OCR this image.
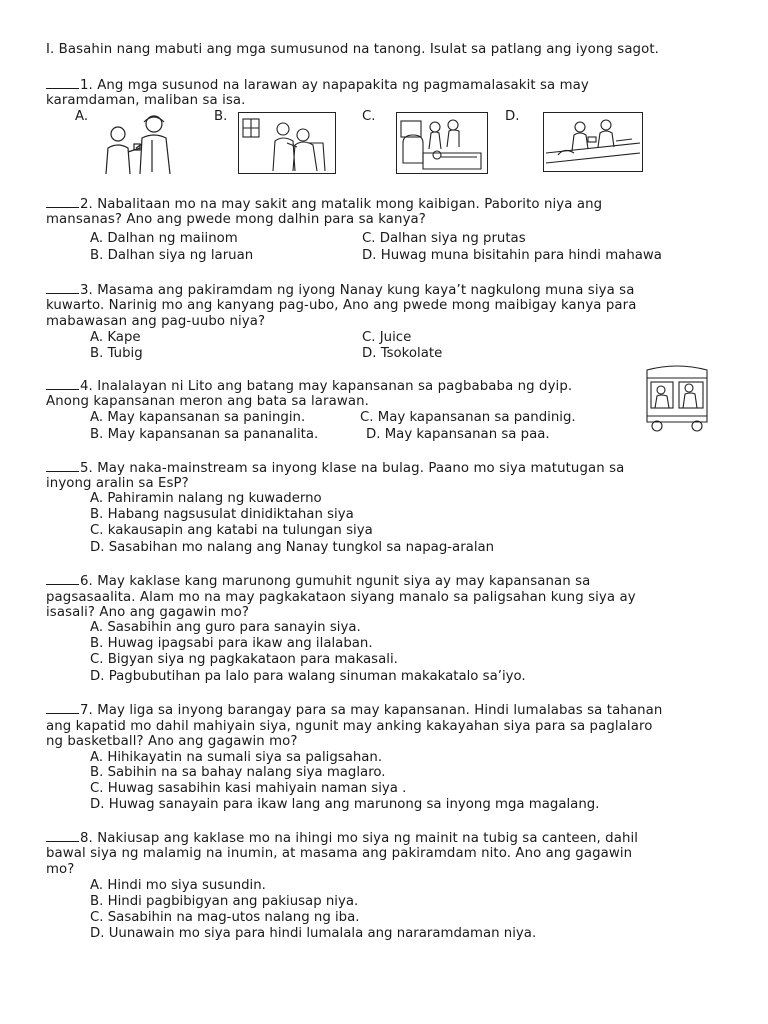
I. Basahin nang mabuti ang mga sumusunod na tanong. Isulat sa patlang ang iyong sagot.
1. Ang mga susunod na larawan ay napapakita ng pagmamalasakit sa may
karamdaman, maliban sa isa.
A.	B.	C.	D.
2. Nabalitaan mo na may sakit ang matalik mong kaibigan. Paborito niya ang
mansanas? Ano ang pwede mong dalhin para sa kanya?
A. Dalhan ng maiinom	C. Dalhan siya ng prutas
B. Dalhan siya ng laruan	D. Huwag muna bisitahin para hindi mahawa
3. Masama ang pakiramdam ng iyong Nanay kung kaya’t nagkulong muna siya sa
kuwarto. Narinig mo ang kanyang pag-ubo, Ano ang pwede mong maibigay kanya para
mabawasan ang pag-uubo niya?
A. Kape	C. Juice
B. Tubig	D. Tsokolate
4. Inalalayan ni Lito ang batang may kapansanan sa pagbababa ng dyip.
Anong kapansanan meron ang bata sa larawan.
A. May kapansanan sa paningin.	C. May kapansanan sa pandinig.
B. May kapansanan sa pananalita.	D. May kapansanan sa paa.
5. May naka-mainstream sa inyong klase na bulag. Paano mo siya matutugan sa
inyong aralin sa EsP?
A. Pahiramin nalang ng kuwaderno
B. Habang nagsusulat dinidiktahan siya
C. kakausapin ang katabi na tulungan siya
D. Sasabihan mo nalang ang Nanay tungkol sa napag-aralan
6. May kaklase kang marunong gumuhit ngunit siya ay may kapansanan sa
pagsasaalita. Alam mo na may pagkakataon siyang manalo sa paligsahan kung siya ay
isasali? Ano ang gagawin mo?
A. Sasabihin ang guro para sanayin siya.
B. Huwag ipagsabi para ikaw ang ilalaban.
C. Bigyan siya ng pagkakataon para makasali.
D. Pagbubutihan pa lalo para walang sinuman makakatalo sa’iyo.
7. May liga sa inyong barangay para sa may kapansanan. Hindi lumalabas sa tahanan
ang kapatid mo dahil mahiyain siya, ngunit may anking kakayahan siya para sa paglalaro
ng basketball? Ano ang gagawin mo?
A. Hihikayatin na sumali siya sa paligsahan.
B. Sabihin na sa bahay nalang siya maglaro.
C. Huwag sasabihin kasi mahiyain naman siya .
D. Huwag sanayain para ikaw lang ang marunong sa inyong mga magalang.
8. Nakiusap ang kaklase mo na ihingi mo siya ng mainit na tubig sa canteen, dahil
bawal siya ng malamig na inumin, at masama ang pakiramdam nito. Ano ang gagawin
mo?
A. Hindi mo siya susundin.
B. Hindi pagbibigyan ang pakiusap niya.
C. Sasabihin na mag-utos nalang ng iba.
D. Uunawain mo siya para hindi lumalala ang nararamdaman niya.
